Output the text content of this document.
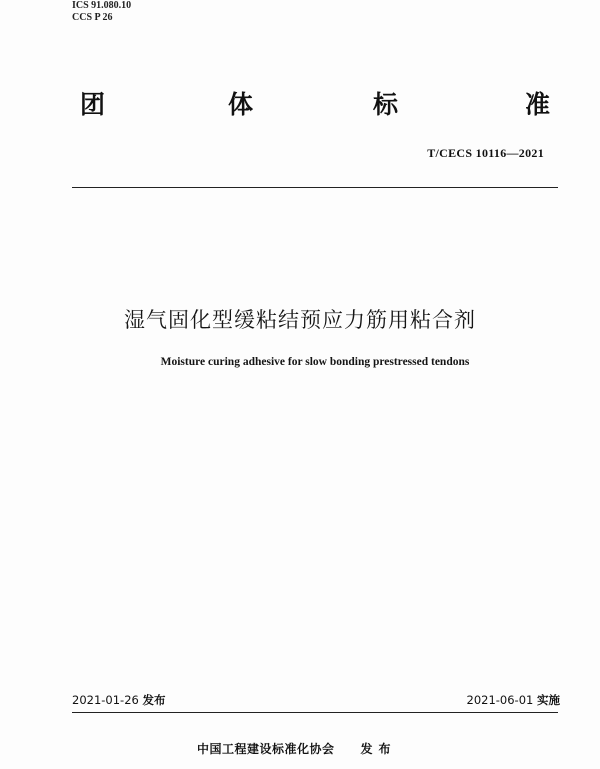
ICS 91.080.10
CCS P 26
团	体	标	准
T/CECS 10116—2021
湿气固化型缓粘结预应力筋用粘合剂
Moisture curing adhesive for slow bonding prestressed tendons
2021-01-26 发布	2021-06-01 实施
中国工程建设标准化协会 发布
